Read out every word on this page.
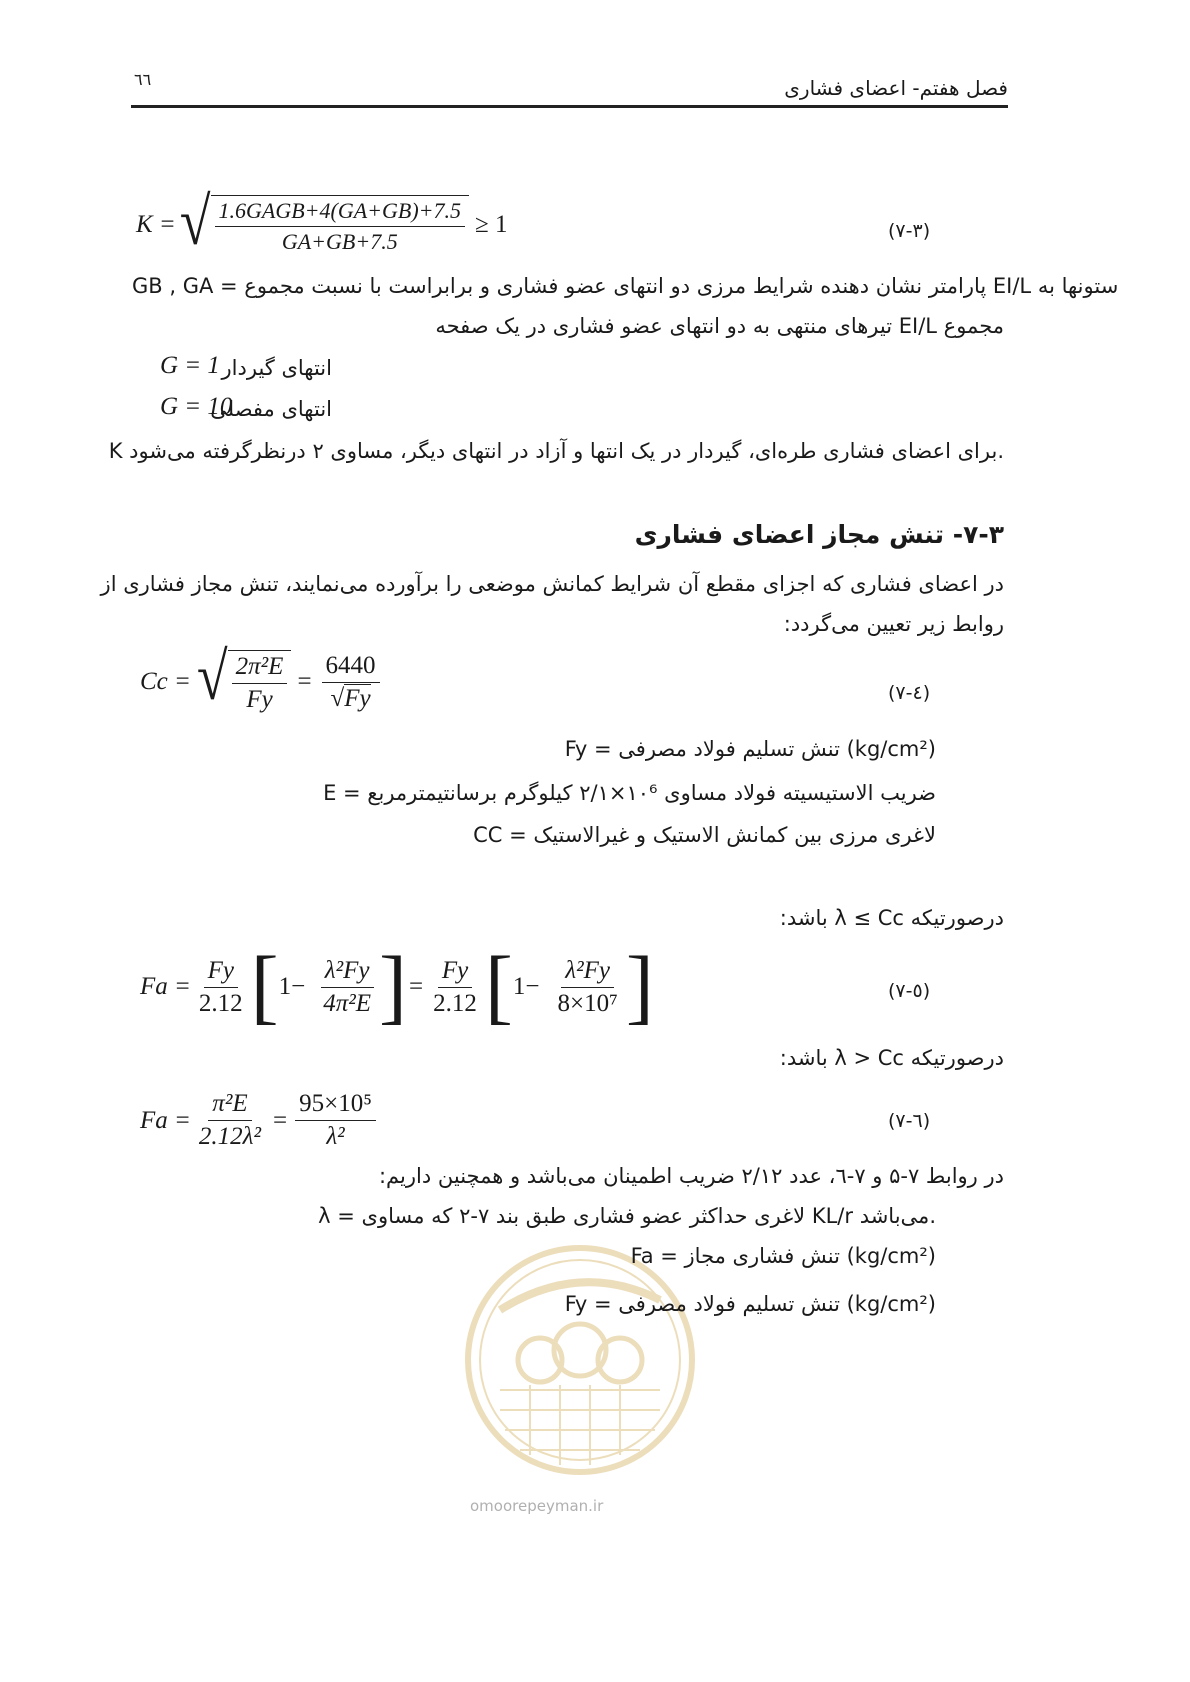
٦٦	فصل هفتم- اعضای فشاری
K = √ $\frac{\text{1.6GAGB+4(GA+GB)+7.5}}{GA+GB+7.5} \ge 1$	(٣-٧)
GB , GA = پارامتر نشان دهنده شرایط مرزی دو انتهای عضو فشاری و برابراست با نسبت مجموع EI/L ستونها به
مجموع EI/L تیرهای منتهی به دو انتهای عضو فشاری در یک صفحه
انتهای گیردار
G = 1
انتهای مفصلی
G = 10
K برای اعضای فشاری طره‌ای، گیردار در یک انتها و آزاد در انتهای دیگر، مساوی ۲ درنظرگرفته می‌شود.
۷-۳- تنش مجاز اعضای فشاری
در اعضای فشاری که اجزای مقطع آن شرایط کمانش موضعی را برآورده می‌نمایند، تنش مجاز فشاری از
روابط زیر تعیین می‌گردد:
Cc = √ $\frac{\text{2π²E}}{Fy} = \frac{6440}{√Fy}$	(٤-٧)
Fy = تنش تسلیم فولاد مصرفی (kg/cm²)
E = ضریب الاستیسیته فولاد مساوی ۱۰⁶×۲/۱ کیلوگرم برسانتیمترمربع
CC = لاغری مرزی بین کمانش الاستیک و غیرالاستیک
درصورتیکه λ ≤ Cc باشد:
$Fa = \frac{Fy}{2.12}$ [ $1- \frac{\text{λ²Fy}}{\text{4π²E}}$ ] = $\frac{Fy}{2.12}$ [ $1- \frac{\text{λ²Fy}}{\text{8×10⁷}}$ ]	(٥-٧)
درصورتیکه λ > Cc باشد:
$Fa = \frac{\text{π²E}}{\text{2.12λ²}} = \frac{\text{95×10⁵}}{\text{λ²}}$	(٦-٧)
در روابط ۷-۵ و ۷-٦، عدد ۲/۱۲ ضریب اطمینان می‌باشد و همچنین داریم:
omoorepeyman.ir
λ = لاغری حداکثر عضو فشاری طبق بند ۷-۲ که مساوی KL/r می‌باشد.
Fa = تنش فشاری مجاز (kg/cm²)
Fy = تنش تسلیم فولاد مصرفی (kg/cm²)
